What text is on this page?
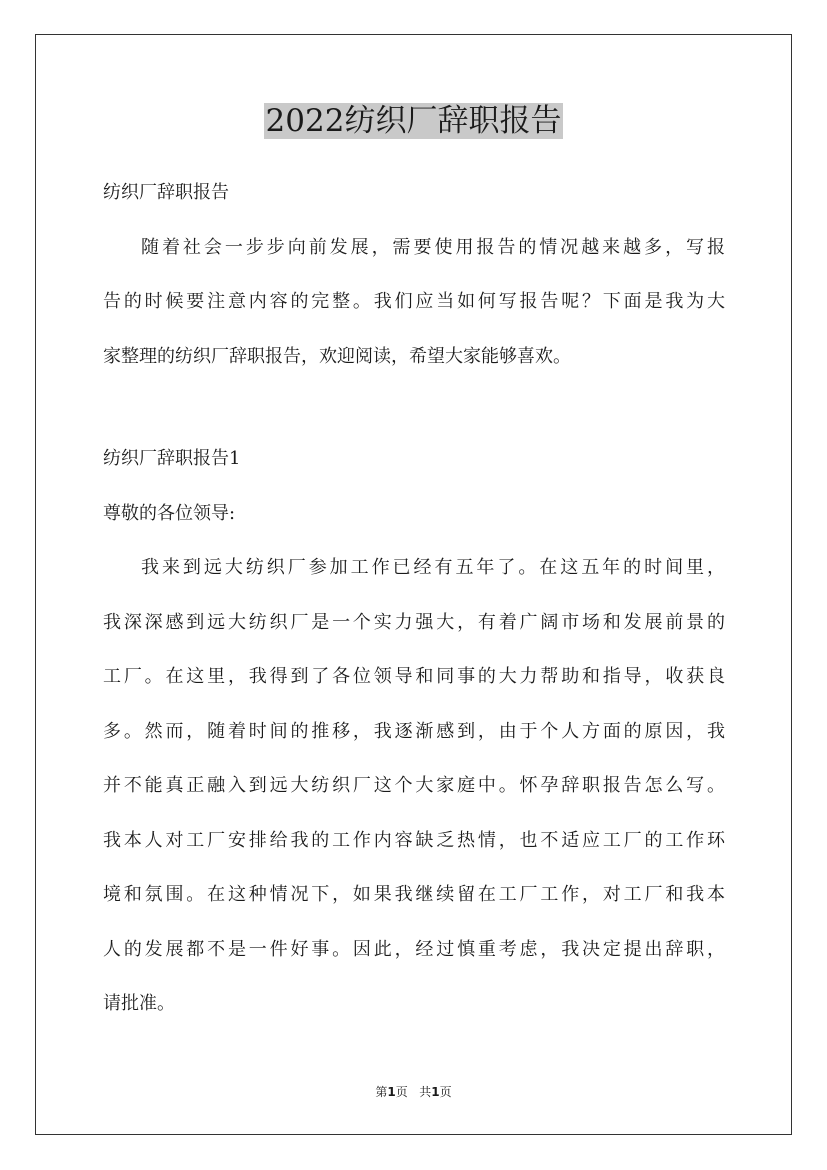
2022纺织厂辞职报告
纺织厂辞职报告
随着社会一步步向前发展，需要使用报告的情况越来越多，写报
告的时候要注意内容的完整。我们应当如何写报告呢？下面是我为大
家整理的纺织厂辞职报告，欢迎阅读，希望大家能够喜欢。
纺织厂辞职报告1
尊敬的各位领导:
我来到远大纺织厂参加工作已经有五年了。在这五年的时间里，
我深深感到远大纺织厂是一个实力强大，有着广阔市场和发展前景的
工厂。在这里，我得到了各位领导和同事的大力帮助和指导，收获良
多。然而，随着时间的推移，我逐渐感到，由于个人方面的原因，我
并不能真正融入到远大纺织厂这个大家庭中。怀孕辞职报告怎么写。
我本人对工厂安排给我的工作内容缺乏热情，也不适应工厂的工作环
境和氛围。在这种情况下，如果我继续留在工厂工作，对工厂和我本
人的发展都不是一件好事。因此，经过慎重考虑，我决定提出辞职，
请批准。
第1页 共1页
